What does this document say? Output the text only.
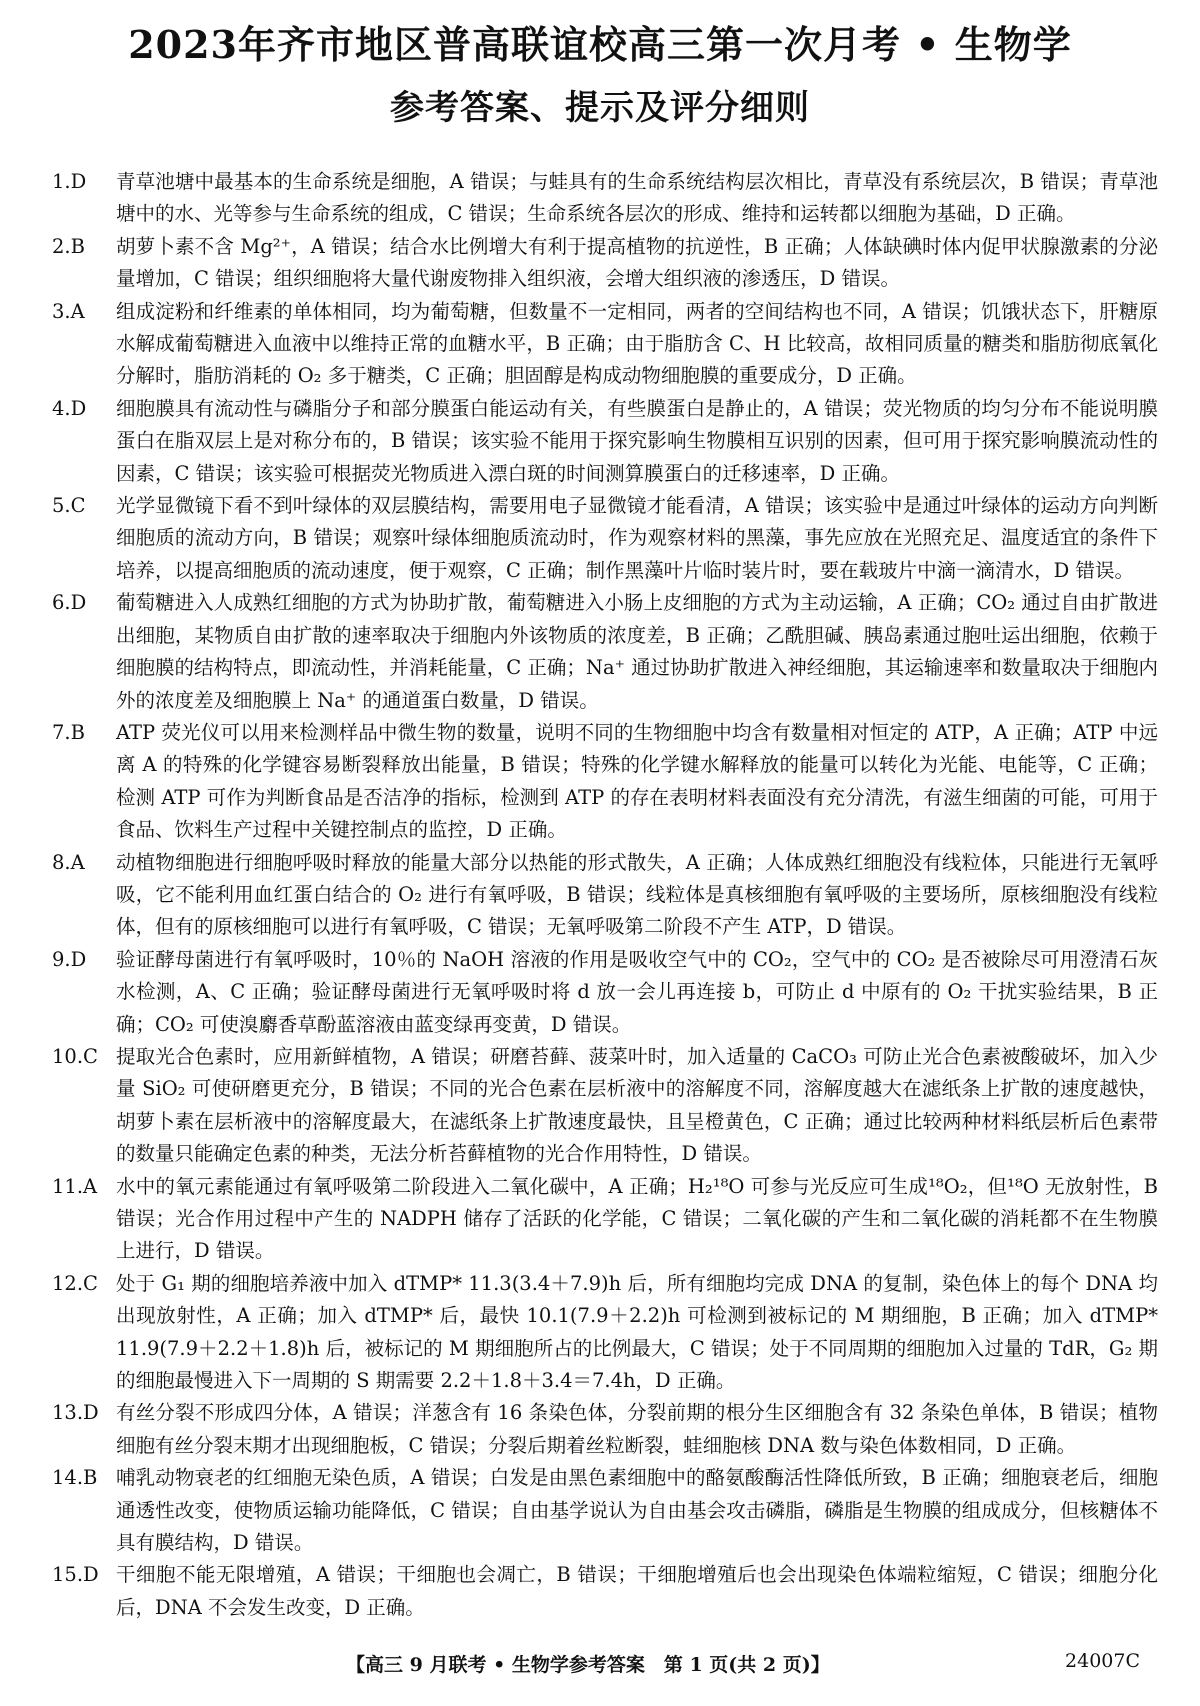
2023年齐市地区普高联谊校高三第一次月考 • 生物学
参考答案、提示及评分细则
1.D 青草池塘中最基本的生命系统是细胞，A 错误；与蛙具有的生命系统结构层次相比，青草没有系统层次，B 错误；青草池塘中的水、光等参与生命系统的组成，C 错误；生命系统各层次的形成、维持和运转都以细胞为基础，D 正确。
2.B 胡萝卜素不含 Mg²⁺，A 错误；结合水比例增大有利于提高植物的抗逆性，B 正确；人体缺碘时体内促甲状腺激素的分泌量增加，C 错误；组织细胞将大量代谢废物排入组织液，会增大组织液的渗透压，D 错误。
3.A 组成淀粉和纤维素的单体相同，均为葡萄糖，但数量不一定相同，两者的空间结构也不同，A 错误；饥饿状态下，肝糖原水解成葡萄糖进入血液中以维持正常的血糖水平，B 正确；由于脂肪含 C、H 比较高，故相同质量的糖类和脂肪彻底氧化分解时，脂肪消耗的 O₂ 多于糖类，C 正确；胆固醇是构成动物细胞膜的重要成分，D 正确。
4.D 细胞膜具有流动性与磷脂分子和部分膜蛋白能运动有关，有些膜蛋白是静止的，A 错误；荧光物质的均匀分布不能说明膜蛋白在脂双层上是对称分布的，B 错误；该实验不能用于探究影响生物膜相互识别的因素，但可用于探究影响膜流动性的因素，C 错误；该实验可根据荧光物质进入漂白斑的时间测算膜蛋白的迁移速率，D 正确。
5.C 光学显微镜下看不到叶绿体的双层膜结构，需要用电子显微镜才能看清，A 错误；该实验中是通过叶绿体的运动方向判断细胞质的流动方向，B 错误；观察叶绿体细胞质流动时，作为观察材料的黑藻，事先应放在光照充足、温度适宜的条件下培养，以提高细胞质的流动速度，便于观察，C 正确；制作黑藻叶片临时装片时，要在载玻片中滴一滴清水，D 错误。
6.D 葡萄糖进入人成熟红细胞的方式为协助扩散，葡萄糖进入小肠上皮细胞的方式为主动运输，A 正确；CO₂ 通过自由扩散进出细胞，某物质自由扩散的速率取决于细胞内外该物质的浓度差，B 正确；乙酰胆碱、胰岛素通过胞吐运出细胞，依赖于细胞膜的结构特点，即流动性，并消耗能量，C 正确；Na⁺ 通过协助扩散进入神经细胞，其运输速率和数量取决于细胞内外的浓度差及细胞膜上 Na⁺ 的通道蛋白数量，D 错误。
7.B ATP 荧光仪可以用来检测样品中微生物的数量，说明不同的生物细胞中均含有数量相对恒定的 ATP，A 正确；ATP 中远离 A 的特殊的化学键容易断裂释放出能量，B 错误；特殊的化学键水解释放的能量可以转化为光能、电能等，C 正确；检测 ATP 可作为判断食品是否洁净的指标，检测到 ATP 的存在表明材料表面没有充分清洗，有滋生细菌的可能，可用于食品、饮料生产过程中关键控制点的监控，D 正确。
8.A 动植物细胞进行细胞呼吸时释放的能量大部分以热能的形式散失，A 正确；人体成熟红细胞没有线粒体，只能进行无氧呼吸，它不能利用血红蛋白结合的 O₂ 进行有氧呼吸，B 错误；线粒体是真核细胞有氧呼吸的主要场所，原核细胞没有线粒体，但有的原核细胞可以进行有氧呼吸，C 错误；无氧呼吸第二阶段不产生 ATP，D 错误。
9.D 验证酵母菌进行有氧呼吸时，10％的 NaOH 溶液的作用是吸收空气中的 CO₂，空气中的 CO₂ 是否被除尽可用澄清石灰水检测，A、C 正确；验证酵母菌进行无氧呼吸时将 d 放一会儿再连接 b，可防止 d 中原有的 O₂ 干扰实验结果，B 正确；CO₂ 可使溴麝香草酚蓝溶液由蓝变绿再变黄，D 错误。
10.C 提取光合色素时，应用新鲜植物，A 错误；研磨苔藓、菠菜叶时，加入适量的 CaCO₃ 可防止光合色素被酸破坏，加入少量 SiO₂ 可使研磨更充分，B 错误；不同的光合色素在层析液中的溶解度不同，溶解度越大在滤纸条上扩散的速度越快，胡萝卜素在层析液中的溶解度最大，在滤纸条上扩散速度最快，且呈橙黄色，C 正确；通过比较两种材料纸层析后色素带的数量只能确定色素的种类，无法分析苔藓植物的光合作用特性，D 错误。
11.A 水中的氧元素能通过有氧呼吸第二阶段进入二氧化碳中，A 正确；H₂¹⁸O 可参与光反应可生成¹⁸O₂，但¹⁸O 无放射性，B 错误；光合作用过程中产生的 NADPH 储存了活跃的化学能，C 错误；二氧化碳的产生和二氧化碳的消耗都不在生物膜上进行，D 错误。
12.C 处于 G₁ 期的细胞培养液中加入 dTMP* 11.3(3.4＋7.9)h 后，所有细胞均完成 DNA 的复制，染色体上的每个 DNA 均出现放射性，A 正确；加入 dTMP* 后，最快 10.1(7.9＋2.2)h 可检测到被标记的 M 期细胞，B 正确；加入 dTMP* 11.9(7.9＋2.2＋1.8)h 后，被标记的 M 期细胞所占的比例最大，C 错误；处于不同周期的细胞加入过量的 TdR，G₂ 期的细胞最慢进入下一周期的 S 期需要 2.2＋1.8＋3.4＝7.4h，D 正确。
13.D 有丝分裂不形成四分体，A 错误；洋葱含有 16 条染色体，分裂前期的根分生区细胞含有 32 条染色单体，B 错误；植物细胞有丝分裂末期才出现细胞板，C 错误；分裂后期着丝粒断裂，蛙细胞核 DNA 数与染色体数相同，D 正确。
14.B 哺乳动物衰老的红细胞无染色质，A 错误；白发是由黑色素细胞中的酪氨酸酶活性降低所致，B 正确；细胞衰老后，细胞通透性改变，使物质运输功能降低，C 错误；自由基学说认为自由基会攻击磷脂，磷脂是生物膜的组成成分，但核糖体不具有膜结构，D 错误。
15.D 干细胞不能无限增殖，A 错误；干细胞也会凋亡，B 错误；干细胞增殖后也会出现染色体端粒缩短，C 错误；细胞分化后，DNA 不会发生改变，D 正确。
【高三 9 月联考 • 生物学参考答案　第 1 页(共 2 页)】	24007C
